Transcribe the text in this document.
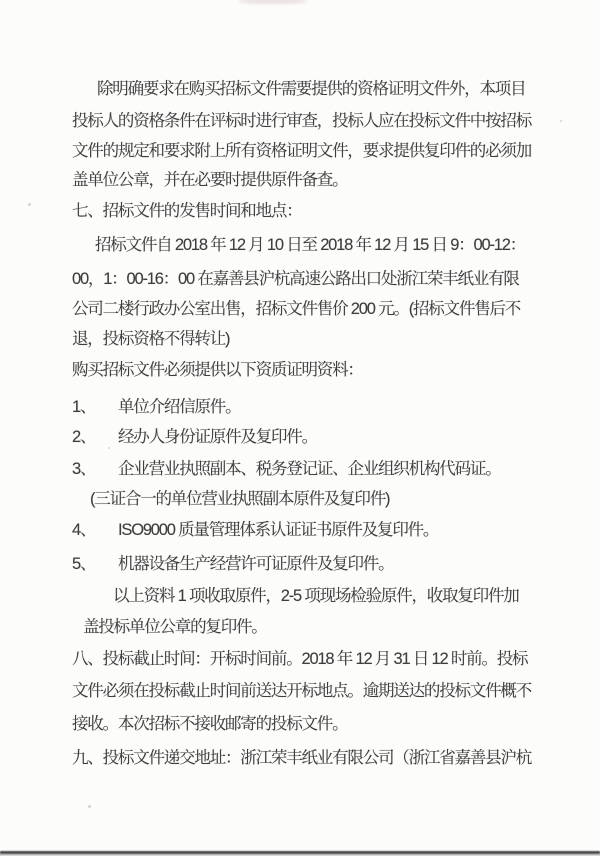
除明确要求在购买招标文件需要提供的资格证明文件外，本项目
投标人的资格条件在评标时进行审查，投标人应在投标文件中按招标
文件的规定和要求附上所有资格证明文件，要求提供复印件的必须加
盖单位公章，并在必要时提供原件备查。
七、招标文件的发售时间和地点：
招标文件自 2018 年 12 月 10 日至 2018 年 12 月 15 日 9：00-12：
00，1：00-16：00 在嘉善县沪杭高速公路出口处浙江荣丰纸业有限
公司二楼行政办公室出售，招标文件售价 200 元。(招标文件售后不
退，投标资格不得转让)
购买招标文件必须提供以下资质证明资料：
1、 单位介绍信原件。
2、 经办人身份证原件及复印件。
3、 企业营业执照副本、税务登记证、企业组织机构代码证。
(三证合一的单位营业执照副本原件及复印件)
4、 ISO9000 质量管理体系认证证书原件及复印件。
5、 机器设备生产经营许可证原件及复印件。
以上资料 1 项收取原件，2-5 项现场检验原件，收取复印件加
盖投标单位公章的复印件。
八、投标截止时间：开标时间前。2018 年 12 月 31 日 12 时前。投标
文件必须在投标截止时间前送达开标地点。逾期送达的投标文件概不
接收。本次招标不接收邮寄的投标文件。
九、投标文件递交地址：浙江荣丰纸业有限公司（浙江省嘉善县沪杭
